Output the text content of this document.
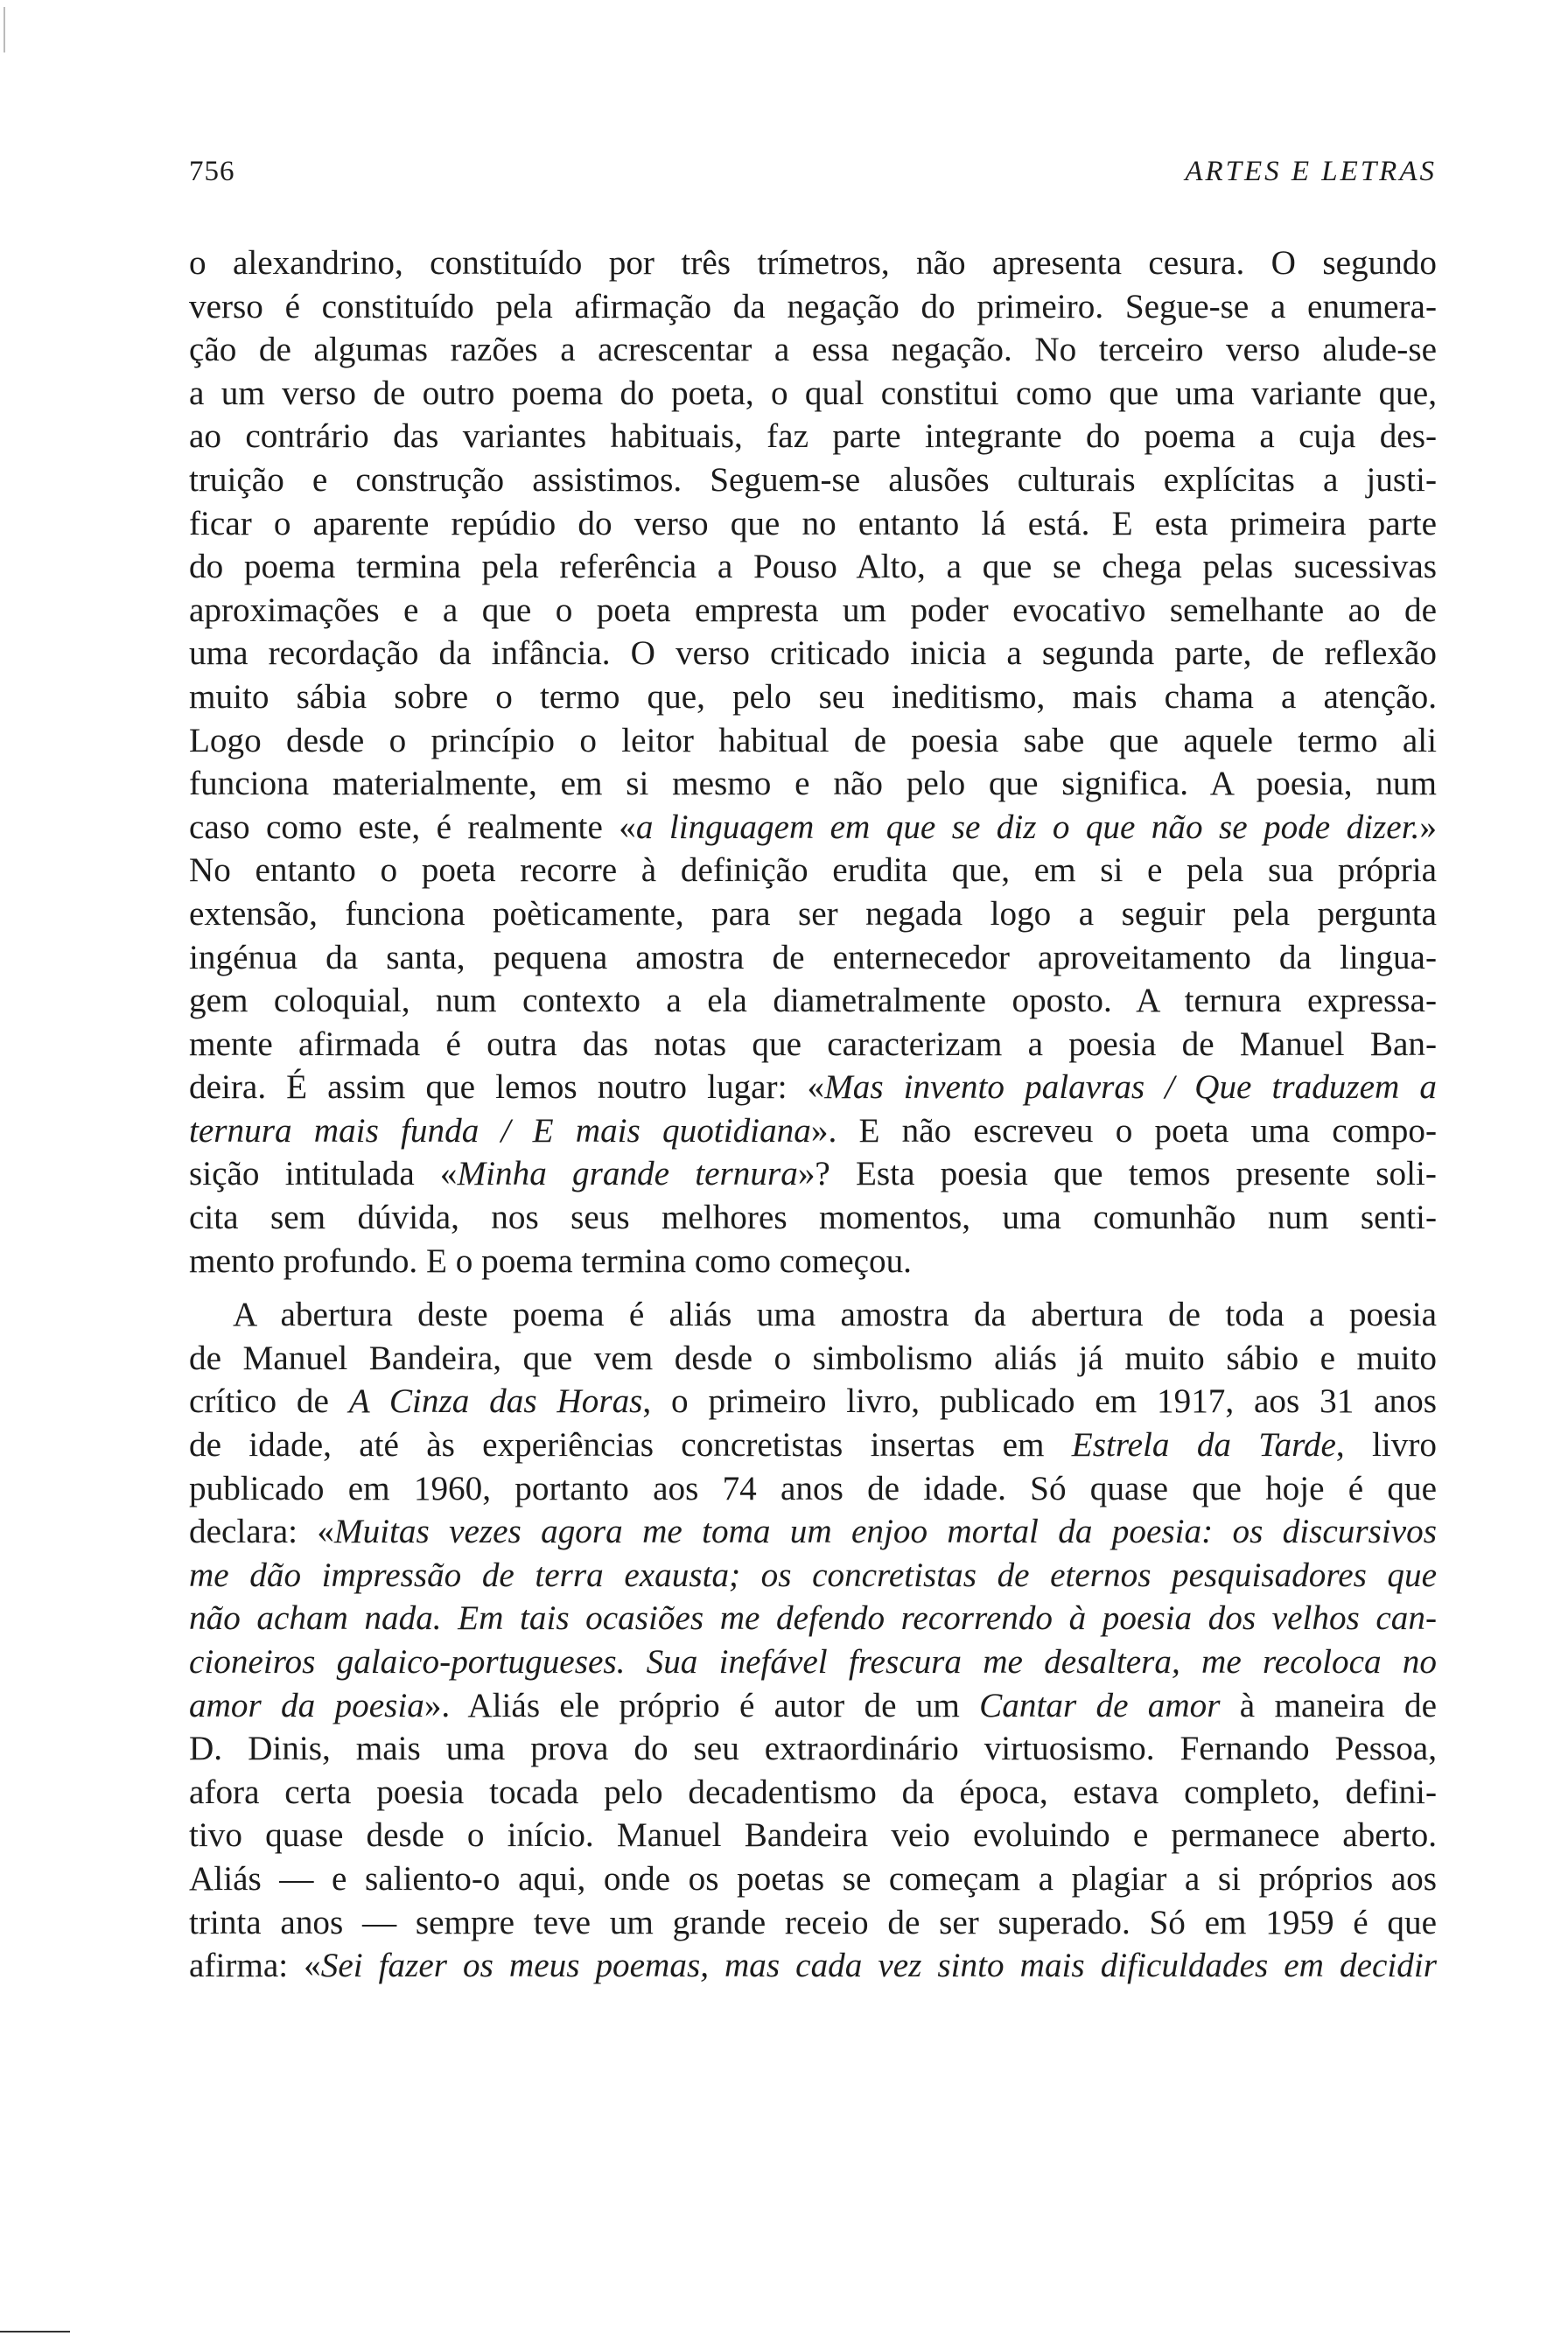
756	ARTES E LETRAS
o alexandrino, constituído por três trímetros, não apresenta cesura. O segundo
verso é constituído pela afirmação da negação do primeiro. Segue-se a enumera-
ção de algumas razões a acrescentar a essa negação. No terceiro verso alude-se
a um verso de outro poema do poeta, o qual constitui como que uma variante que,
ao contrário das variantes habituais, faz parte integrante do poema a cuja des-
truição e construção assistimos. Seguem-se alusões culturais explícitas a justi-
ficar o aparente repúdio do verso que no entanto lá está. E esta primeira parte
do poema termina pela referência a Pouso Alto, a que se chega pelas sucessivas
aproximações e a que o poeta empresta um poder evocativo semelhante ao de
uma recordação da infância. O verso criticado inicia a segunda parte, de reflexão
muito sábia sobre o termo que, pelo seu ineditismo, mais chama a atenção.
Logo desde o princípio o leitor habitual de poesia sabe que aquele termo ali
funciona materialmente, em si mesmo e não pelo que significa. A poesia, num
caso como este, é realmente «a linguagem em que se diz o que não se pode dizer.»
No entanto o poeta recorre à definição erudita que, em si e pela sua própria
extensão, funciona poèticamente, para ser negada logo a seguir pela pergunta
ingénua da santa, pequena amostra de enternecedor aproveitamento da lingua-
gem coloquial, num contexto a ela diametralmente oposto. A ternura expressa-
mente afirmada é outra das notas que caracterizam a poesia de Manuel Ban-
deira. É assim que lemos noutro lugar: «Mas invento palavras / Que traduzem a
ternura mais funda / E mais quotidiana». E não escreveu o poeta uma compo-
sição intitulada «Minha grande ternura»? Esta poesia que temos presente soli-
cita sem dúvida, nos seus melhores momentos, uma comunhão num senti-
mento profundo. E o poema termina como começou.
A abertura deste poema é aliás uma amostra da abertura de toda a poesia
de Manuel Bandeira, que vem desde o simbolismo aliás já muito sábio e muito
crítico de A Cinza das Horas, o primeiro livro, publicado em 1917, aos 31 anos
de idade, até às experiências concretistas insertas em Estrela da Tarde, livro
publicado em 1960, portanto aos 74 anos de idade. Só quase que hoje é que
declara: «Muitas vezes agora me toma um enjoo mortal da poesia: os discursivos
me dão impressão de terra exausta; os concretistas de eternos pesquisadores que
não acham nada. Em tais ocasiões me defendo recorrendo à poesia dos velhos can-
cioneiros galaico-portugueses. Sua inefável frescura me desaltera, me recoloca no
amor da poesia». Aliás ele próprio é autor de um Cantar de amor à maneira de
D. Dinis, mais uma prova do seu extraordinário virtuosismo. Fernando Pessoa,
afora certa poesia tocada pelo decadentismo da época, estava completo, defini-
tivo quase desde o início. Manuel Bandeira veio evoluindo e permanece aberto.
Aliás — e saliento-o aqui, onde os poetas se começam a plagiar a si próprios aos
trinta anos — sempre teve um grande receio de ser superado. Só em 1959 é que
afirma: «Sei fazer os meus poemas, mas cada vez sinto mais dificuldades em decidir
